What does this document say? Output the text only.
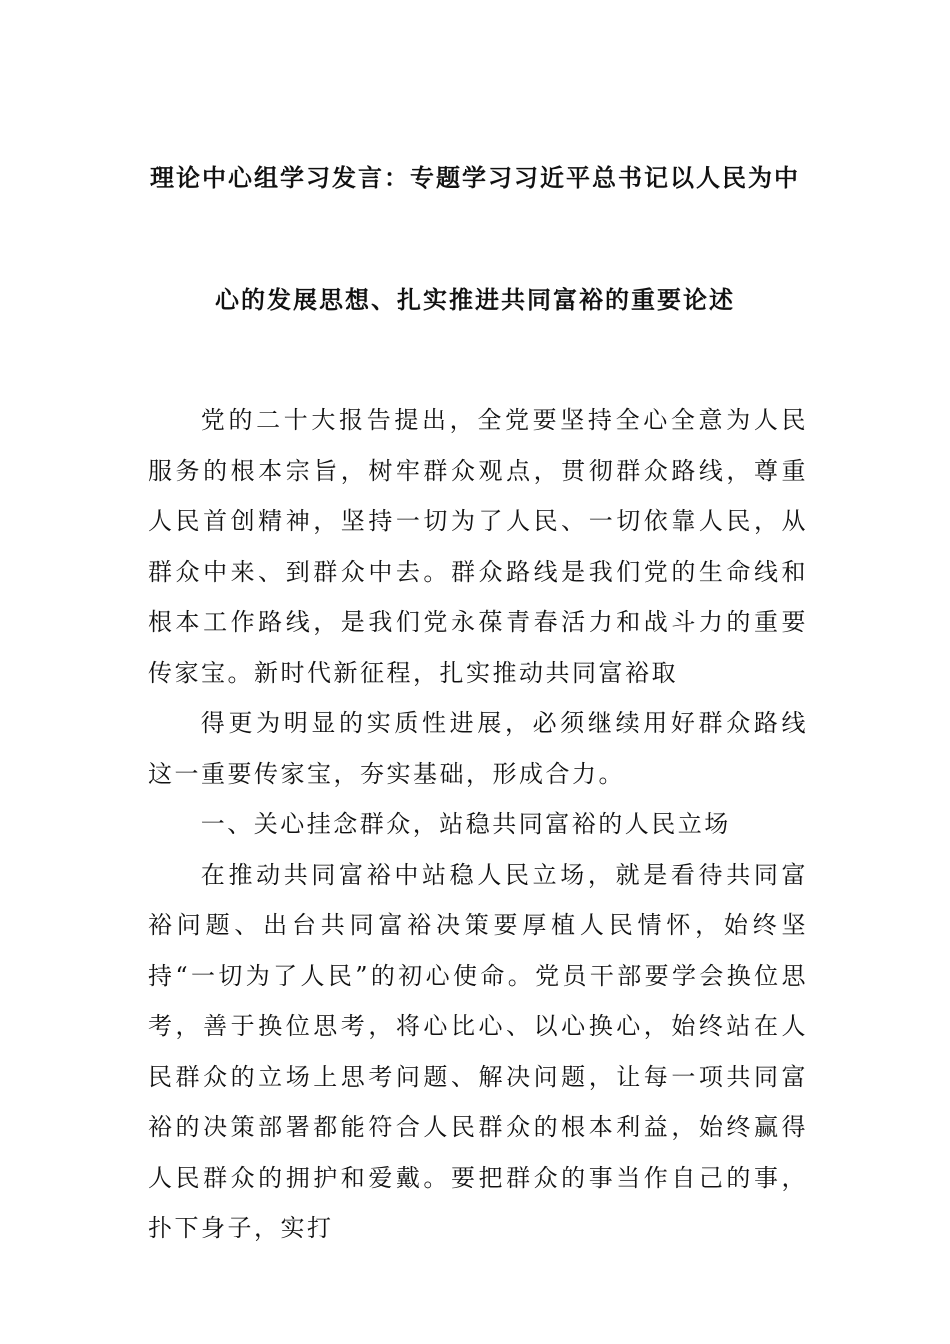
理论中心组学习发言：专题学习习近平总书记以人民为中
心的发展思想、扎实推进共同富裕的重要论述

党的二十大报告提出，全党要坚持全心全意为人民服务的根本宗旨，树牢群众观点，贯彻群众路线，尊重人民首创精神，坚持一切为了人民、一切依靠人民，从群众中来、到群众中去。群众路线是我们党的生命线和根本工作路线，是我们党永葆青春活力和战斗力的重要传家宝。新时代新征程，扎实推动共同富裕取

得更为明显的实质性进展，必须继续用好群众路线这一重要传家宝，夯实基础，形成合力。

一、关心挂念群众，站稳共同富裕的人民立场

在推动共同富裕中站稳人民立场，就是看待共同富裕问题、出台共同富裕决策要厚植人民情怀，始终坚持“一切为了人民”的初心使命。党员干部要学会换位思考，善于换位思考，将心比心、以心换心，始终站在人民群众的立场上思考问题、解决问题，让每一项共同富裕的决策部署都能符合人民群众的根本利益，始终赢得人民群众的拥护和爱戴。要把群众的事当作自己的事，扑下身子，实打
